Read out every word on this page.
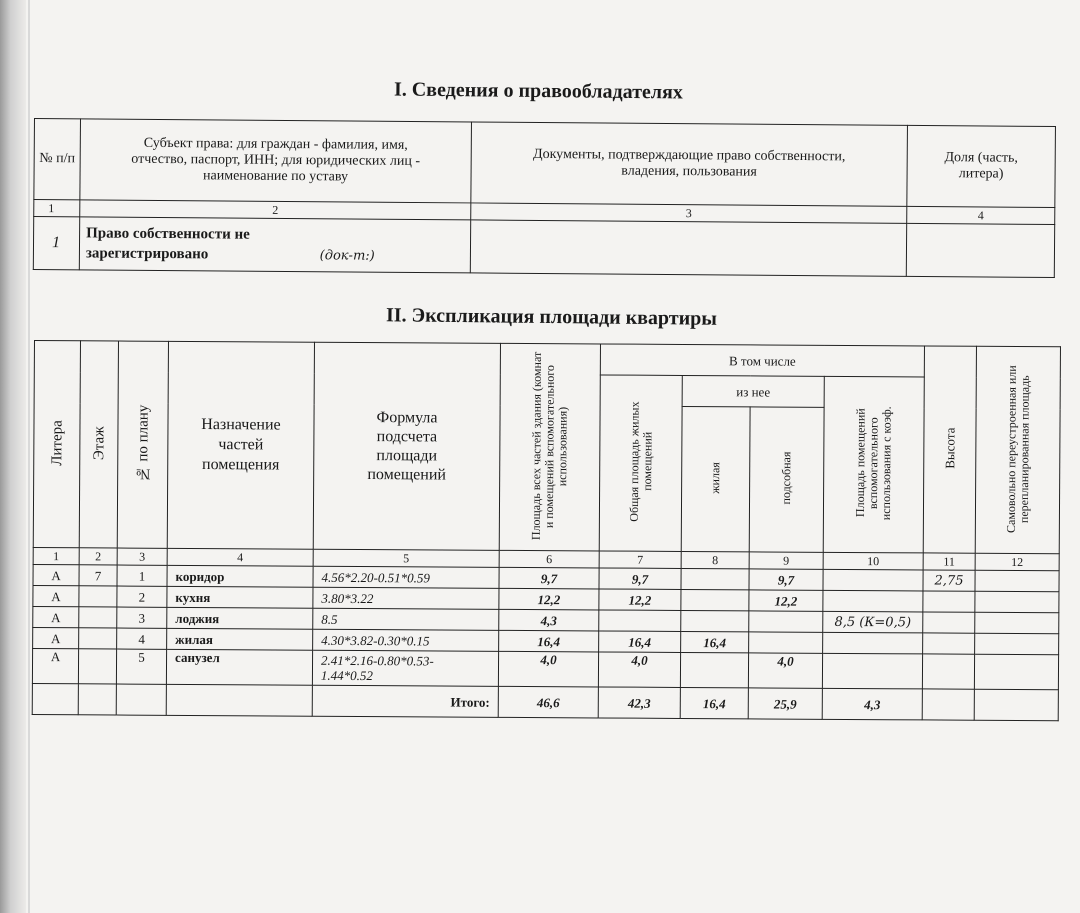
I. Сведения о правообладателях
№ п/п	Субъект права: для граждан - фамилия, имя, отчество, паспорт, ИНН; для юридических лиц - наименование по уставу	Документы, подтверждающие право собственности, владения, пользования	Доля (часть, литера)
1	2	3	4
1	Право собственности не зарегистрировано (док-т:)		
II. Экспликация площади квартиры
Литера	Этаж	№ по плану	Назначение частей помещения	Формула подсчета площади помещений	Площадь всех частей здания (комнат и помещений вспомогательного использования)	В том числе				Высота	Самовольно переустроенная или перепланированная площадь
						Общая площадь жилых помещений	из нее		Площадь помещений вспомогательного использования с коэф.		
							жилая	подсобная			
1	2	3	4	5	6	7	8	9	10	11	12
А	7	1	коридор	4.56*2.20-0.51*0.59	9,7	9,7		9,7		2,75	
А		2	кухня	3.80*3.22	12,2	12,2		12,2			
А		3	лоджия	8.5	4,3				8,5 (К=0,5)		
А		4	жилая	4.30*3.82-0.30*0.15	16,4	16,4	16,4				
А		5	санузел	2.41*2.16-0.80*0.53-1.44*0.52	4,0	4,0		4,0			
				Итого:	46,6	42,3	16,4	25,9	4,3		
